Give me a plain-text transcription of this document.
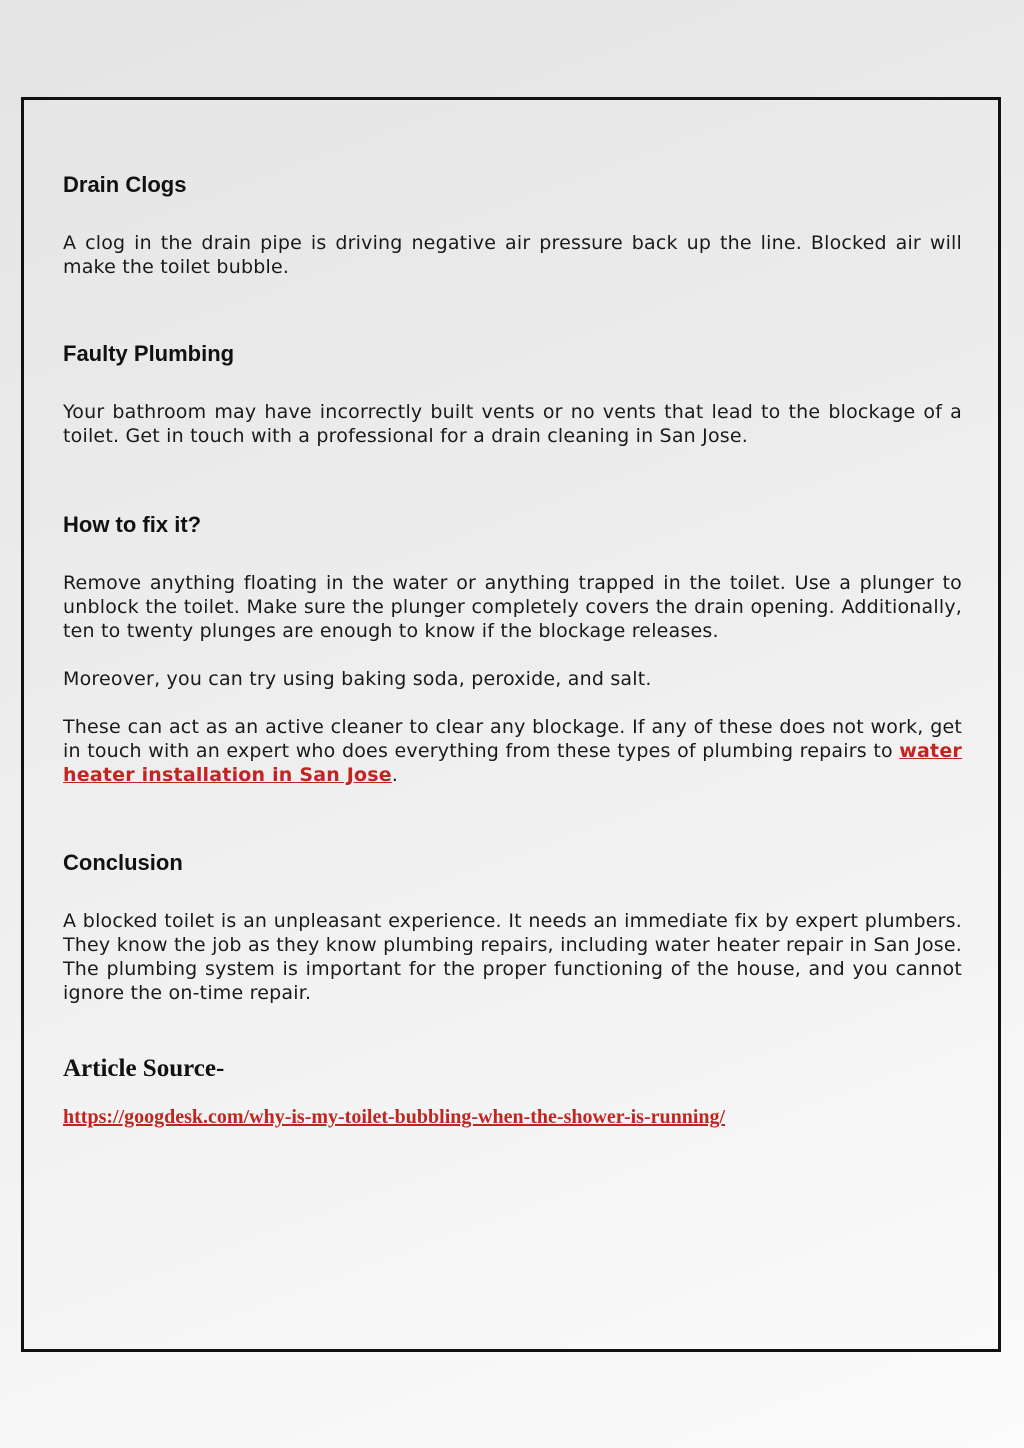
Drain Clogs

A clog in the drain pipe is driving negative air pressure back up the line. Blocked air will make the toilet bubble.

Faulty Plumbing

Your bathroom may have incorrectly built vents or no vents that lead to the blockage of a toilet. Get in touch with a professional for a drain cleaning in San Jose.

How to fix it?

Remove anything floating in the water or anything trapped in the toilet. Use a plunger to unblock the toilet. Make sure the plunger completely covers the drain opening. Additionally, ten to twenty plunges are enough to know if the blockage releases.

Moreover, you can try using baking soda, peroxide, and salt.

These can act as an active cleaner to clear any blockage. If any of these does not work, get in touch with an expert who does everything from these types of plumbing repairs to water heater installation in San Jose.

Conclusion

A blocked toilet is an unpleasant experience. It needs an immediate fix by expert plumbers. They know the job as they know plumbing repairs, including water heater repair in San Jose. The plumbing system is important for the proper functioning of the house, and you cannot ignore the on-time repair.

Article Source-
https://googdesk.com/why-is-my-toilet-bubbling-when-the-shower-is-running/
